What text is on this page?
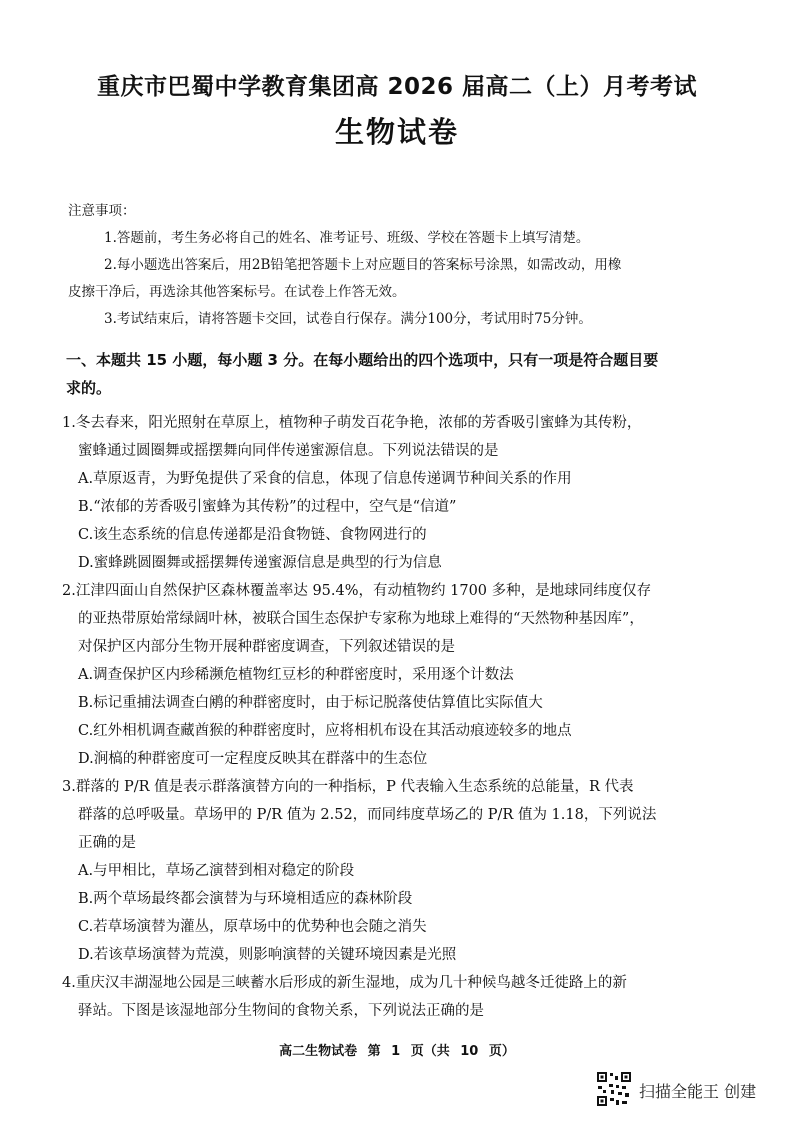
重庆市巴蜀中学教育集团高 2026 届高二（上）月考考试
生物试卷
注意事项：
1.答题前，考生务必将自己的姓名、准考证号、班级、学校在答题卡上填写清楚。
2.每小题选出答案后，用2B铅笔把答题卡上对应题目的答案标号涂黑，如需改动，用橡
皮擦干净后，再选涂其他答案标号。在试卷上作答无效。
3.考试结束后，请将答题卡交回，试卷自行保存。满分100分，考试用时75分钟。
一、本题共 15 小题，每小题 3 分。在每小题给出的四个选项中，只有一项是符合题目要
求的。
1.冬去春来，阳光照射在草原上，植物种子萌发百花争艳，浓郁的芳香吸引蜜蜂为其传粉，
蜜蜂通过圆圈舞或摇摆舞向同伴传递蜜源信息。下列说法错误的是
A.草原返青，为野兔提供了采食的信息，体现了信息传递调节种间关系的作用
B.“浓郁的芳香吸引蜜蜂为其传粉”的过程中，空气是“信道”
C.该生态系统的信息传递都是沿食物链、食物网进行的
D.蜜蜂跳圆圈舞或摇摆舞传递蜜源信息是典型的行为信息
2.江津四面山自然保护区森林覆盖率达 95.4%，有动植物约 1700 多种，是地球同纬度仅存
的亚热带原始常绿阔叶林，被联合国生态保护专家称为地球上难得的“天然物种基因库”，
对保护区内部分生物开展种群密度调查，下列叙述错误的是
A.调查保护区内珍稀濒危植物红豆杉的种群密度时，采用逐个计数法
B.标记重捕法调查白鹇的种群密度时，由于标记脱落使估算值比实际值大
C.红外相机调查藏酋猴的种群密度时，应将相机布设在其活动痕迹较多的地点
D.涧槁的种群密度可一定程度反映其在群落中的生态位
3.群落的 P/R 值是表示群落演替方向的一种指标，P 代表输入生态系统的总能量，R 代表
群落的总呼吸量。草场甲的 P/R 值为 2.52，而同纬度草场乙的 P/R 值为 1.18，下列说法
正确的是
A.与甲相比，草场乙演替到相对稳定的阶段
B.两个草场最终都会演替为与环境相适应的森林阶段
C.若草场演替为灌丛，原草场中的优势种也会随之消失
D.若该草场演替为荒漠，则影响演替的关键环境因素是光照
4.重庆汉丰湖湿地公园是三峡蓄水后形成的新生湿地，成为几十种候鸟越冬迁徙路上的新
驿站。下图是该湿地部分生物间的食物关系，下列说法正确的是
高二生物试卷 第 1 页（共 10 页）
扫描全能王 创建
